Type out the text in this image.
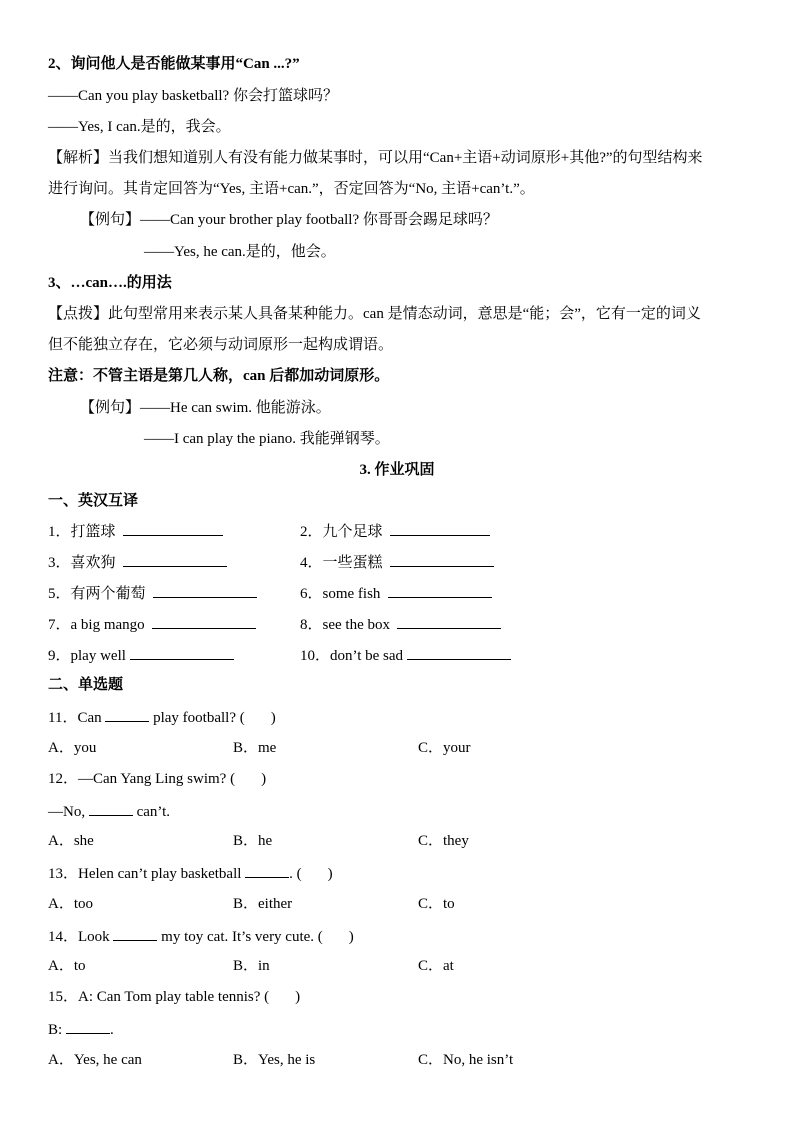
2、询问他人是否能做某事用“Can ...?”
——Can you play basketball? 你会打篮球吗？
——Yes, I can.是的，我会。
【解析】当我们想知道别人有没有能力做某事时，可以用“Can+主语+动词原形+其他?”的句型结构来
进行询问。其肯定回答为“Yes, 主语+can.”，否定回答为“No, 主语+can’t.”。
【例句】——Can your brother play football? 你哥哥会踢足球吗？
——Yes, he can.是的，他会。
3、…can….的用法
【点拨】此句型常用来表示某人具备某种能力。can 是情态动词，意思是“能；会”，它有一定的词义
但不能独立存在，它必须与动词原形一起构成谓语。
注意：不管主语是第几人称，can 后都加动词原形。
【例句】——He can swim. 他能游泳。
——I can play the piano. 我能弹钢琴。
3. 作业巩固
一、英汉互译
1．打篮球	2．九个足球
3．喜欢狗	4．一些蛋糕
5．有两个葡萄	6．some fish
7．a big mango	8．see the box
9．play well	10．don’t be sad
二、单选题
11．Can	play football? ( )
A．you	B．me	C．your
12．—Can Yang Ling swim? ( )
—No,	can’t.
A．she	B．he	C．they
13．Helen can’t play basketball	. ( )
A．too	B．either	C．to
14．Look	my toy cat. It’s very cute. ( )
A．to	B．in	C．at
15．A: Can Tom play table tennis? ( )
B:	.
A．Yes, he can	B．Yes, he is	C．No, he isn’t
